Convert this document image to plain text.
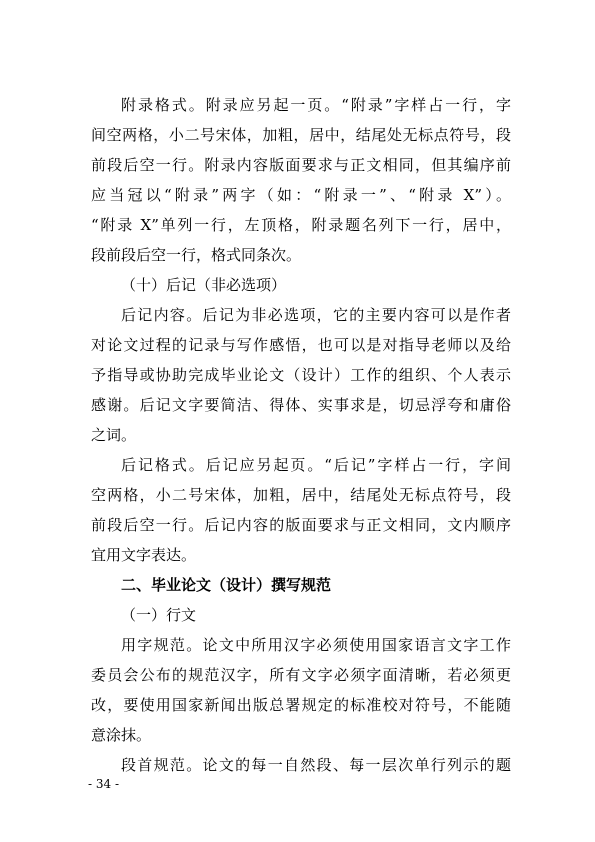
附录格式。附录应另起一页。“附录”字样占一行，字
间空两格，小二号宋体，加粗，居中，结尾处无标点符号，段
前段后空一行。附录内容版面要求与正文相同，但其编序前
应当冠以“附录”两字（如：“附录一”、“附录 X”）。
“附录 X”单列一行，左顶格，附录题名列下一行，居中，
段前段后空一行，格式同条次。
（十）后记（非必选项）
后记内容。后记为非必选项，它的主要内容可以是作者
对论文过程的记录与写作感悟，也可以是对指导老师以及给
予指导或协助完成毕业论文（设计）工作的组织、个人表示
感谢。后记文字要简洁、得体、实事求是，切忌浮夸和庸俗
之词。
后记格式。后记应另起页。“后记”字样占一行，字间
空两格，小二号宋体，加粗，居中，结尾处无标点符号，段
前段后空一行。后记内容的版面要求与正文相同，文内顺序
宜用文字表达。
二、毕业论文（设计）撰写规范
（一）行文
用字规范。论文中所用汉字必须使用国家语言文字工作
委员会公布的规范汉字，所有文字必须字面清晰，若必须更
改，要使用国家新闻出版总署规定的标准校对符号，不能随
意涂抹。
段首规范。论文的每一自然段、每一层次单行列示的题
- 34 -
